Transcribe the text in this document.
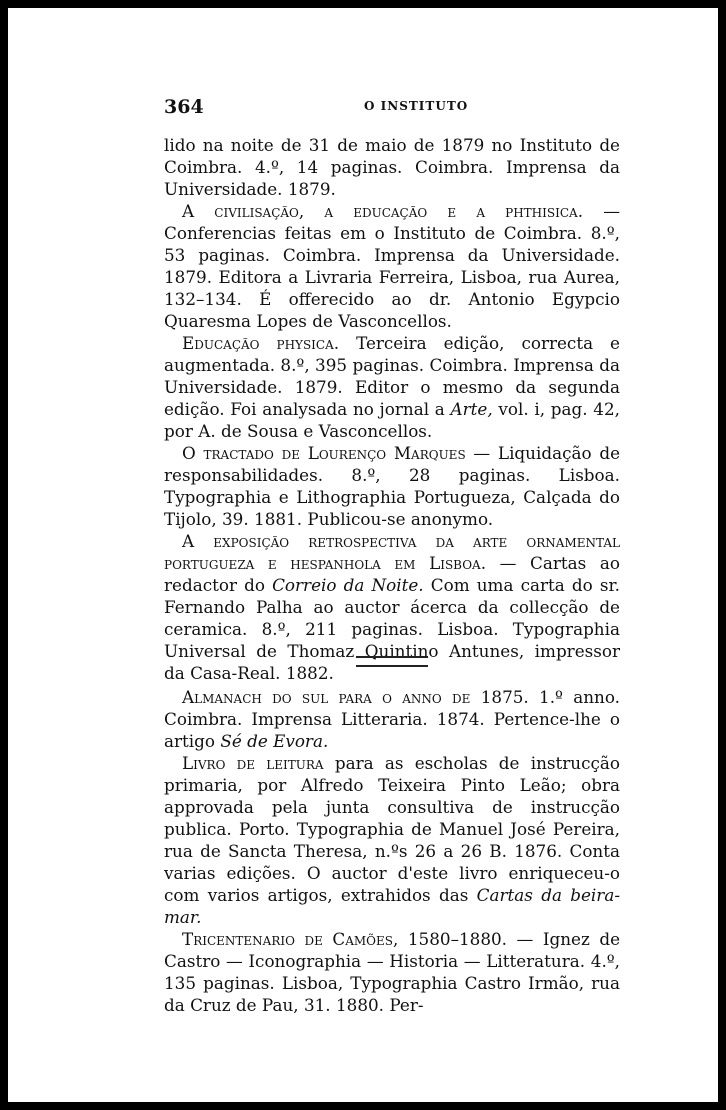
364	O INSTITUTO

lido na noite de 31 de maio de 1879 no Instituto de Coimbra. 4.º, 14 paginas. Coimbra. Imprensa da Universidade. 1879.

A civilisação, a educação e a phthisica. — Conferencias feitas em o Instituto de Coimbra. 8.º, 53 paginas. Coimbra. Imprensa da Universidade. 1879. Editora a Livraria Ferreira, Lisboa, rua Aurea, 132–134. É offerecido ao dr. Antonio Egypcio Quaresma Lopes de Vasconcellos.

Educação physica. Terceira edição, correcta e augmentada. 8.º, 395 paginas. Coimbra. Imprensa da Universidade. 1879. Editor o mesmo da segunda edição. Foi analysada no jornal a Arte, vol. i, pag. 42, por A. de Sousa e Vasconcellos.

O tractado de Lourenço Marques — Liquidação de responsabilidades. 8.º, 28 paginas. Lisboa. Typographia e Lithographia Portugueza, Calçada do Tijolo, 39. 1881. Publicou-se anonymo.

A exposição retrospectiva da arte ornamental portugueza e hespanhola em Lisboa. — Cartas ao redactor do Correio da Noite. Com uma carta do sr. Fernando Palha ao auctor ácerca da collecção de ceramica. 8.º, 211 paginas. Lisboa. Typographia Universal de Thomaz Quintino Antunes, impressor da Casa-Real. 1882.

Almanach do sul para o anno de 1875. 1.º anno. Coimbra. Imprensa Litteraria. 1874. Pertence-lhe o artigo Sé de Evora.

Livro de leitura para as escholas de instrucção primaria, por Alfredo Teixeira Pinto Leão; obra approvada pela junta consultiva de instrucção publica. Porto. Typographia de Manuel José Pereira, rua de Sancta Theresa, n.ºs 26 a 26 B. 1876. Conta varias edições. O auctor d'este livro enriqueceu-o com varios artigos, extrahidos das Cartas da beira-mar.

Tricentenario de Camões, 1580–1880. — Ignez de Castro — Iconographia — Historia — Litteratura. 4.º, 135 paginas. Lisboa, Typographia Castro Irmão, rua da Cruz de Pau, 31. 1880. Per-
